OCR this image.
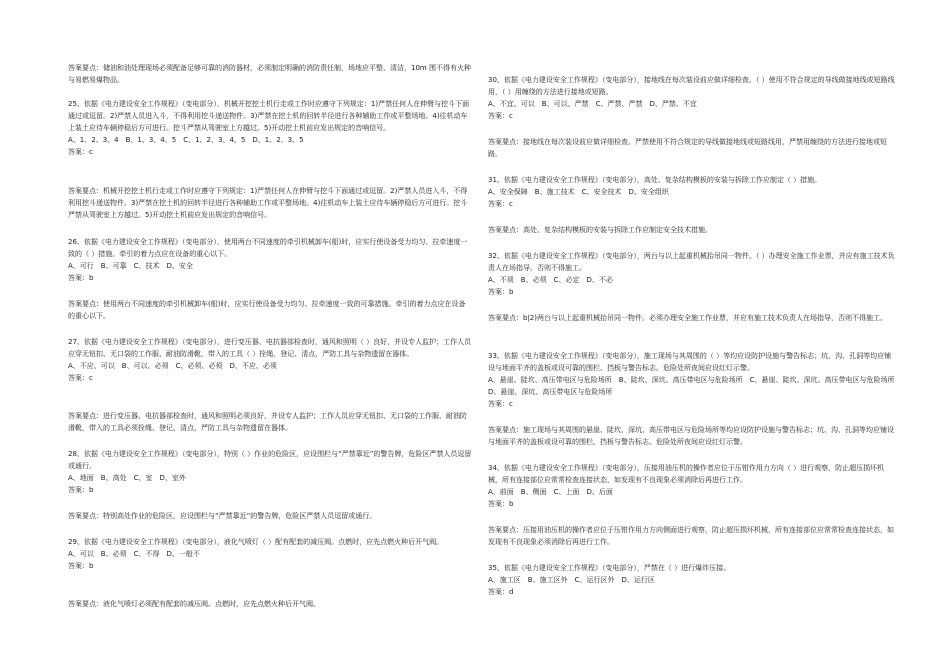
答案要点：储油和油处理现场必须配备足够可靠的消防器材，必须制定明确的消防责任制，场地应平整、清洁，10m 围不得有火种与易燃易爆物品。

25、依据《电力建设安全工作规程》（变电部分），机械开挖挖土机行走或工作时应遵守下列规定：1)严禁任何人在伸臂与挖斗下面通过或逗留。2)严禁人员进入斗，不得利用挖斗递送物件。3)严禁在挖土机的回转半径进行各种辅助工作或平整场地。4)往机动车上装土应待车辆停稳后方可进行。挖斗严禁从驾驶室上方越过。5)开动挖土机前应发出规定的音响信号。

A、1、2、3、4　B、1、3、4、5　C、1、2、3、4、5　D、1、2、3、5

答案：c

答案要点：机械开挖挖土机行走或工作时应遵守下列规定：1)严禁任何人在伸臂与挖斗下面通过或逗留。2)严禁人员进入斗，不得利用挖斗递送物件。3)严禁在挖土机的回转半径进行各种辅助工作或平整场地。4)往机动车上装土应待车辆停稳后方可进行。挖斗严禁从驾驶室上方越过。5)开动挖土机前应发出规定的音响信号。

26、依据《电力建设安全工作规程》（变电部分），使用两台不同速度的牵引机械卸车(船)时，应实行使设备受力均匀、拉牵速度一致的（ ）措施。牵引的着力点应在设备的重心以下。

A、可行　B、可靠　C、技术　D、安全

答案：b

答案要点：使用两台不同速度的牵引机械卸车(船)时，应实行使设备受力均匀、拉牵速度一致的可靠措施。牵引的着力点应在设备的重心以下。

27、依据《电力建设安全工作规程》（变电部分），进行变压器、电抗器部检查时，通风和照明（ ）良好，并设专人监护；工作人员应穿无钮扣、无口袋的工作服、耐油防滑靴，带入的工具（ ）拴绳、登记、清点，严防工具与杂物遗留在器体。

A、不应、可以　B、可以、必须　C、必须、必须　D、不应、必须

答案：c

答案要点：进行变压器、电抗器部检查时，通风和照明必须良好，并设专人监护；工作人员应穿无钮扣、无口袋的工作服、耐油防滑靴，带入的工具必须拴绳、登记、清点，严防工具与杂物遗留在器体。

28、依据《电力建设安全工作规程》（变电部分），特别（ ）作业的危险区，应设围栏与“严禁靠近”的警告牌，危险区严禁人员逗留或通行。

A、地面　B、高处　C、室　D、室外

答案：b

答案要点：特别高处作业的危险区，应设围栏与“严禁靠近”的警告牌，危险区严禁人员逗留或通行。

29、依据《电力建设安全工作规程》（变电部分），液化气喷灯（ ）配有配套的减压阀。点燃时，应先点燃火种后开气阀。

A、可以　B、必须　C、不得　D、一般不

答案：b

答案要点：液化气喷灯必须配有配套的减压阀。点燃时，应先点燃火种后开气阀。

30、依据《电力建设安全工作规程》（变电部分），接地线在每次装设前应做详细检查。（ ）使用不符合规定的导线做接地线或短路线用，（ ）用缠绕的方法进行接地或短路。

A、不宜、可以　B、可以、严禁　C、严禁、严禁　D、严禁、不宜

答案：c

答案要点：接地线在每次装设前应做详细检查。严禁使用不符合规定的导线做接地线或短路线用，严禁用缠绕的方法进行接地或短路。

31、依据《电力建设安全工作规程》（变电部分），高处、复杂结构模板的安装与拆除工作应制定（ ）措施。

A、安全保障　B、施工技术　C、安全技术　D、安全组织

答案：c

答案要点：高处、复杂结构模板的安装与拆除工作应制定安全技术措施。

32、依据《电力建设安全工作规程》（变电部分），两台与以上起重机械抬吊同一物件。（ ）办理安全施工作业票，并应有施工技术负责人在场指导，否则不得施工。

A、不须　B、必须　C、必定　D、不必

答案：b

答案要点：b|2)两台与以上起重机械抬吊同一物件。必须办理安全施工作业票，并应有施工技术负责人在场指导，否则不得施工。

33、依据《电力建设安全工作规程》（变电部分），施工现场与其周围的（ ）等均应设防护设施与警告标志；坑、沟、孔洞等均应铺设与地面平齐的盖板或设可靠的围栏、挡板与警告标志。危险处所夜间应设红灯示警。

A、悬崖、陡坎、高压带电区与危险场所　B、陡坎、深坑、高压带电区与危险场所　C、悬崖、陡坎、深坑、高压带电区与危险场所　D、悬崖、深坑、高压带电区与危险场所

答案：c

答案要点：施工现场与其周围的悬崖、陡坎、深坑、高压带电区与危险场所等均应设防护设施与警告标志；坑、沟、孔洞等均应铺设与地面平齐的盖板或设可靠的围栏、挡板与警告标志。危险处所夜间应设红灯示警。

34、依据《电力建设安全工作规程》（变电部分），压接用油压机的操作者应位于压钳作用力方向（ ）进行观察，防止超压损坏机械，所有连接部位应常常检查连接状态，如发现有不良现象必须消除后再进行工作。

A、前面　B、侧面　C、上面　D、后面

答案：b

答案要点：压接用油压机的操作者应位于压钳作用力方向侧面进行观察，防止超压损坏机械，所有连接部位应常常检查连接状态，如发现有不良现象必须消除后再进行工作。

35、依据《电力建设安全工作规程》（变电部分），严禁在（ ）进行爆炸压接。

A、施工区　B、施工区外　C、运行区外　D、运行区

答案：d
